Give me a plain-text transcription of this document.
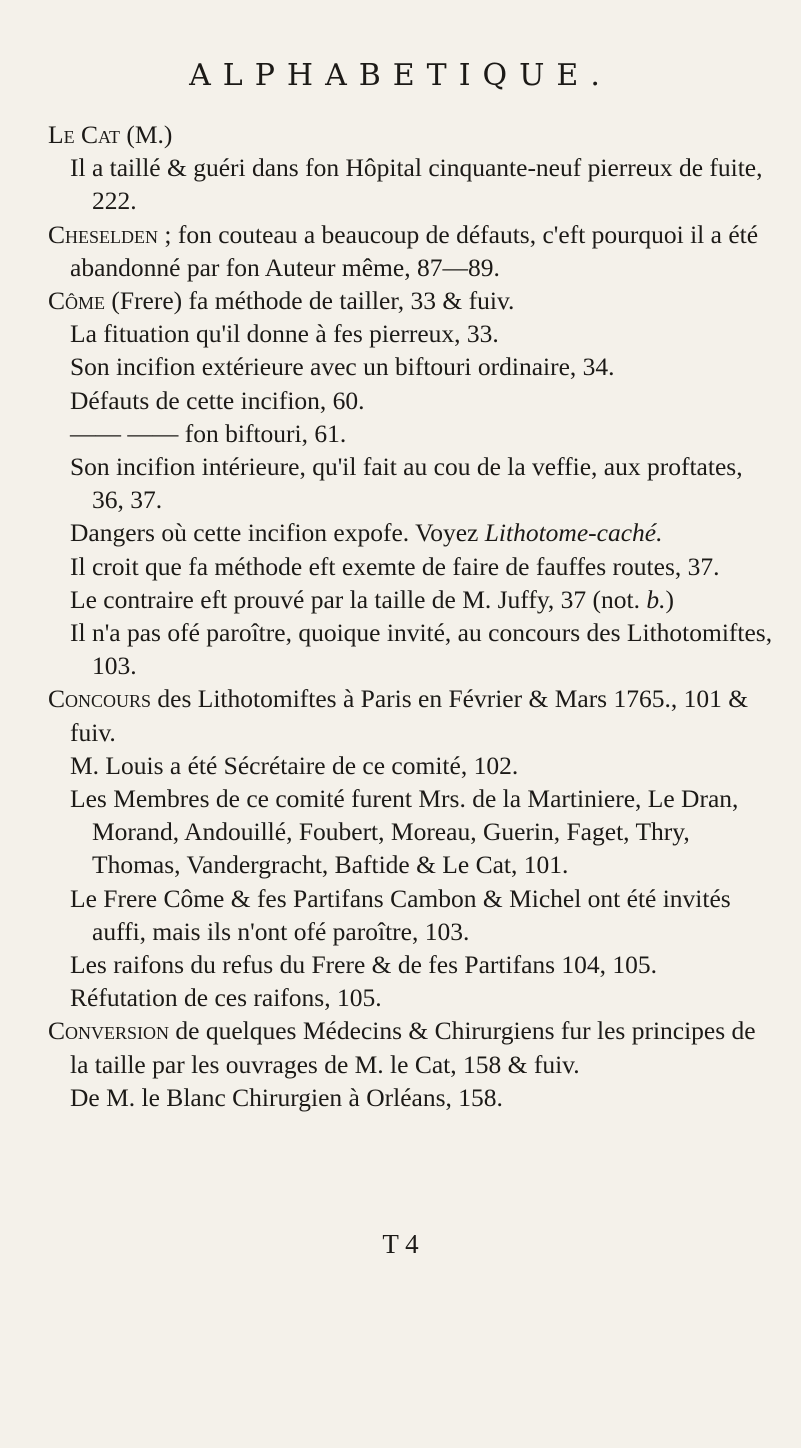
ALPHABETIQUE.

Le Cat (M.)

Il a taillé & guéri dans fon Hôpital cinquante-neuf pierreux de fuite, 222.

Cheselden ; fon couteau a beaucoup de défauts, c'eft pourquoi il a été abandonné par fon Auteur même, 87—89.

Côme (Frere) fa méthode de tailler, 33 & fuiv.

La fituation qu'il donne à fes pierreux, 33.

Son incifion extérieure avec un biftouri ordinaire, 34.

Défauts de cette incifion, 60.

—— —— fon biftouri, 61.

Son incifion intérieure, qu'il fait au cou de la veffie, aux proftates, 36, 37.

Dangers où cette incifion expofe. Voyez Lithotome-caché.

Il croit que fa méthode eft exemte de faire de fauffes routes, 37.

Le contraire eft prouvé par la taille de M. Juffy, 37 (not. b.)

Il n'a pas ofé paroître, quoique invité, au concours des Lithotomiftes, 103.

Concours des Lithotomiftes à Paris en Février & Mars 1765., 101 & fuiv.

M. Louis a été Sécrétaire de ce comité, 102.

Les Membres de ce comité furent Mrs. de la Martiniere, Le Dran, Morand, Andouillé, Foubert, Moreau, Guerin, Faget, Thry, Thomas, Vandergracht, Baftide & Le Cat, 101.

Le Frere Côme & fes Partifans Cambon & Michel ont été invités auffi, mais ils n'ont ofé paroître, 103.

Les raifons du refus du Frere & de fes Partifans 104, 105.

Réfutation de ces raifons, 105.

Conversion de quelques Médecins & Chirurgiens fur les principes de la taille par les ouvrages de M. le Cat, 158 & fuiv.

De M. le Blanc Chirurgien à Orléans, 158.

T 4
